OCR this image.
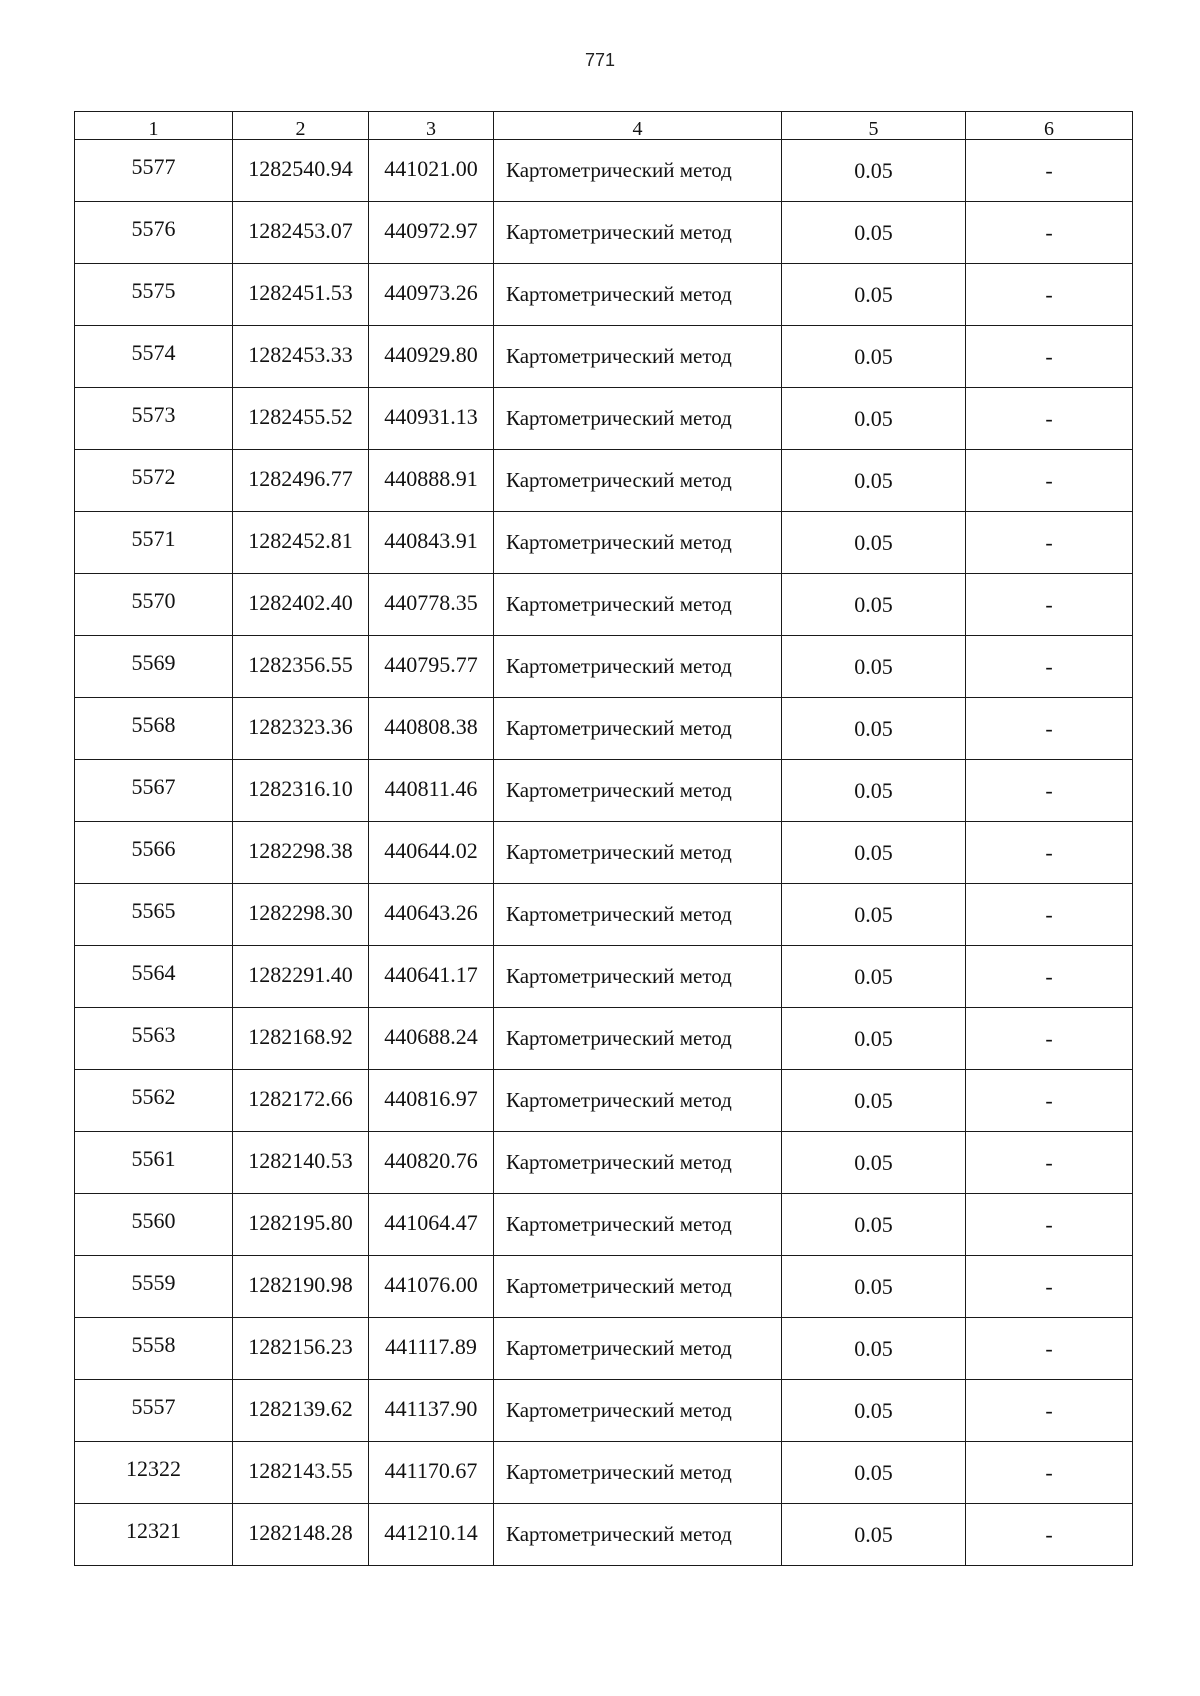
771
1	2	3	4	5	6
5577	1282540.94	441021.00	Картометрический метод	0.05	-
5576	1282453.07	440972.97	Картометрический метод	0.05	-
5575	1282451.53	440973.26	Картометрический метод	0.05	-
5574	1282453.33	440929.80	Картометрический метод	0.05	-
5573	1282455.52	440931.13	Картометрический метод	0.05	-
5572	1282496.77	440888.91	Картометрический метод	0.05	-
5571	1282452.81	440843.91	Картометрический метод	0.05	-
5570	1282402.40	440778.35	Картометрический метод	0.05	-
5569	1282356.55	440795.77	Картометрический метод	0.05	-
5568	1282323.36	440808.38	Картометрический метод	0.05	-
5567	1282316.10	440811.46	Картометрический метод	0.05	-
5566	1282298.38	440644.02	Картометрический метод	0.05	-
5565	1282298.30	440643.26	Картометрический метод	0.05	-
5564	1282291.40	440641.17	Картометрический метод	0.05	-
5563	1282168.92	440688.24	Картометрический метод	0.05	-
5562	1282172.66	440816.97	Картометрический метод	0.05	-
5561	1282140.53	440820.76	Картометрический метод	0.05	-
5560	1282195.80	441064.47	Картометрический метод	0.05	-
5559	1282190.98	441076.00	Картометрический метод	0.05	-
5558	1282156.23	441117.89	Картометрический метод	0.05	-
5557	1282139.62	441137.90	Картометрический метод	0.05	-
12322	1282143.55	441170.67	Картометрический метод	0.05	-
12321	1282148.28	441210.14	Картометрический метод	0.05	-
